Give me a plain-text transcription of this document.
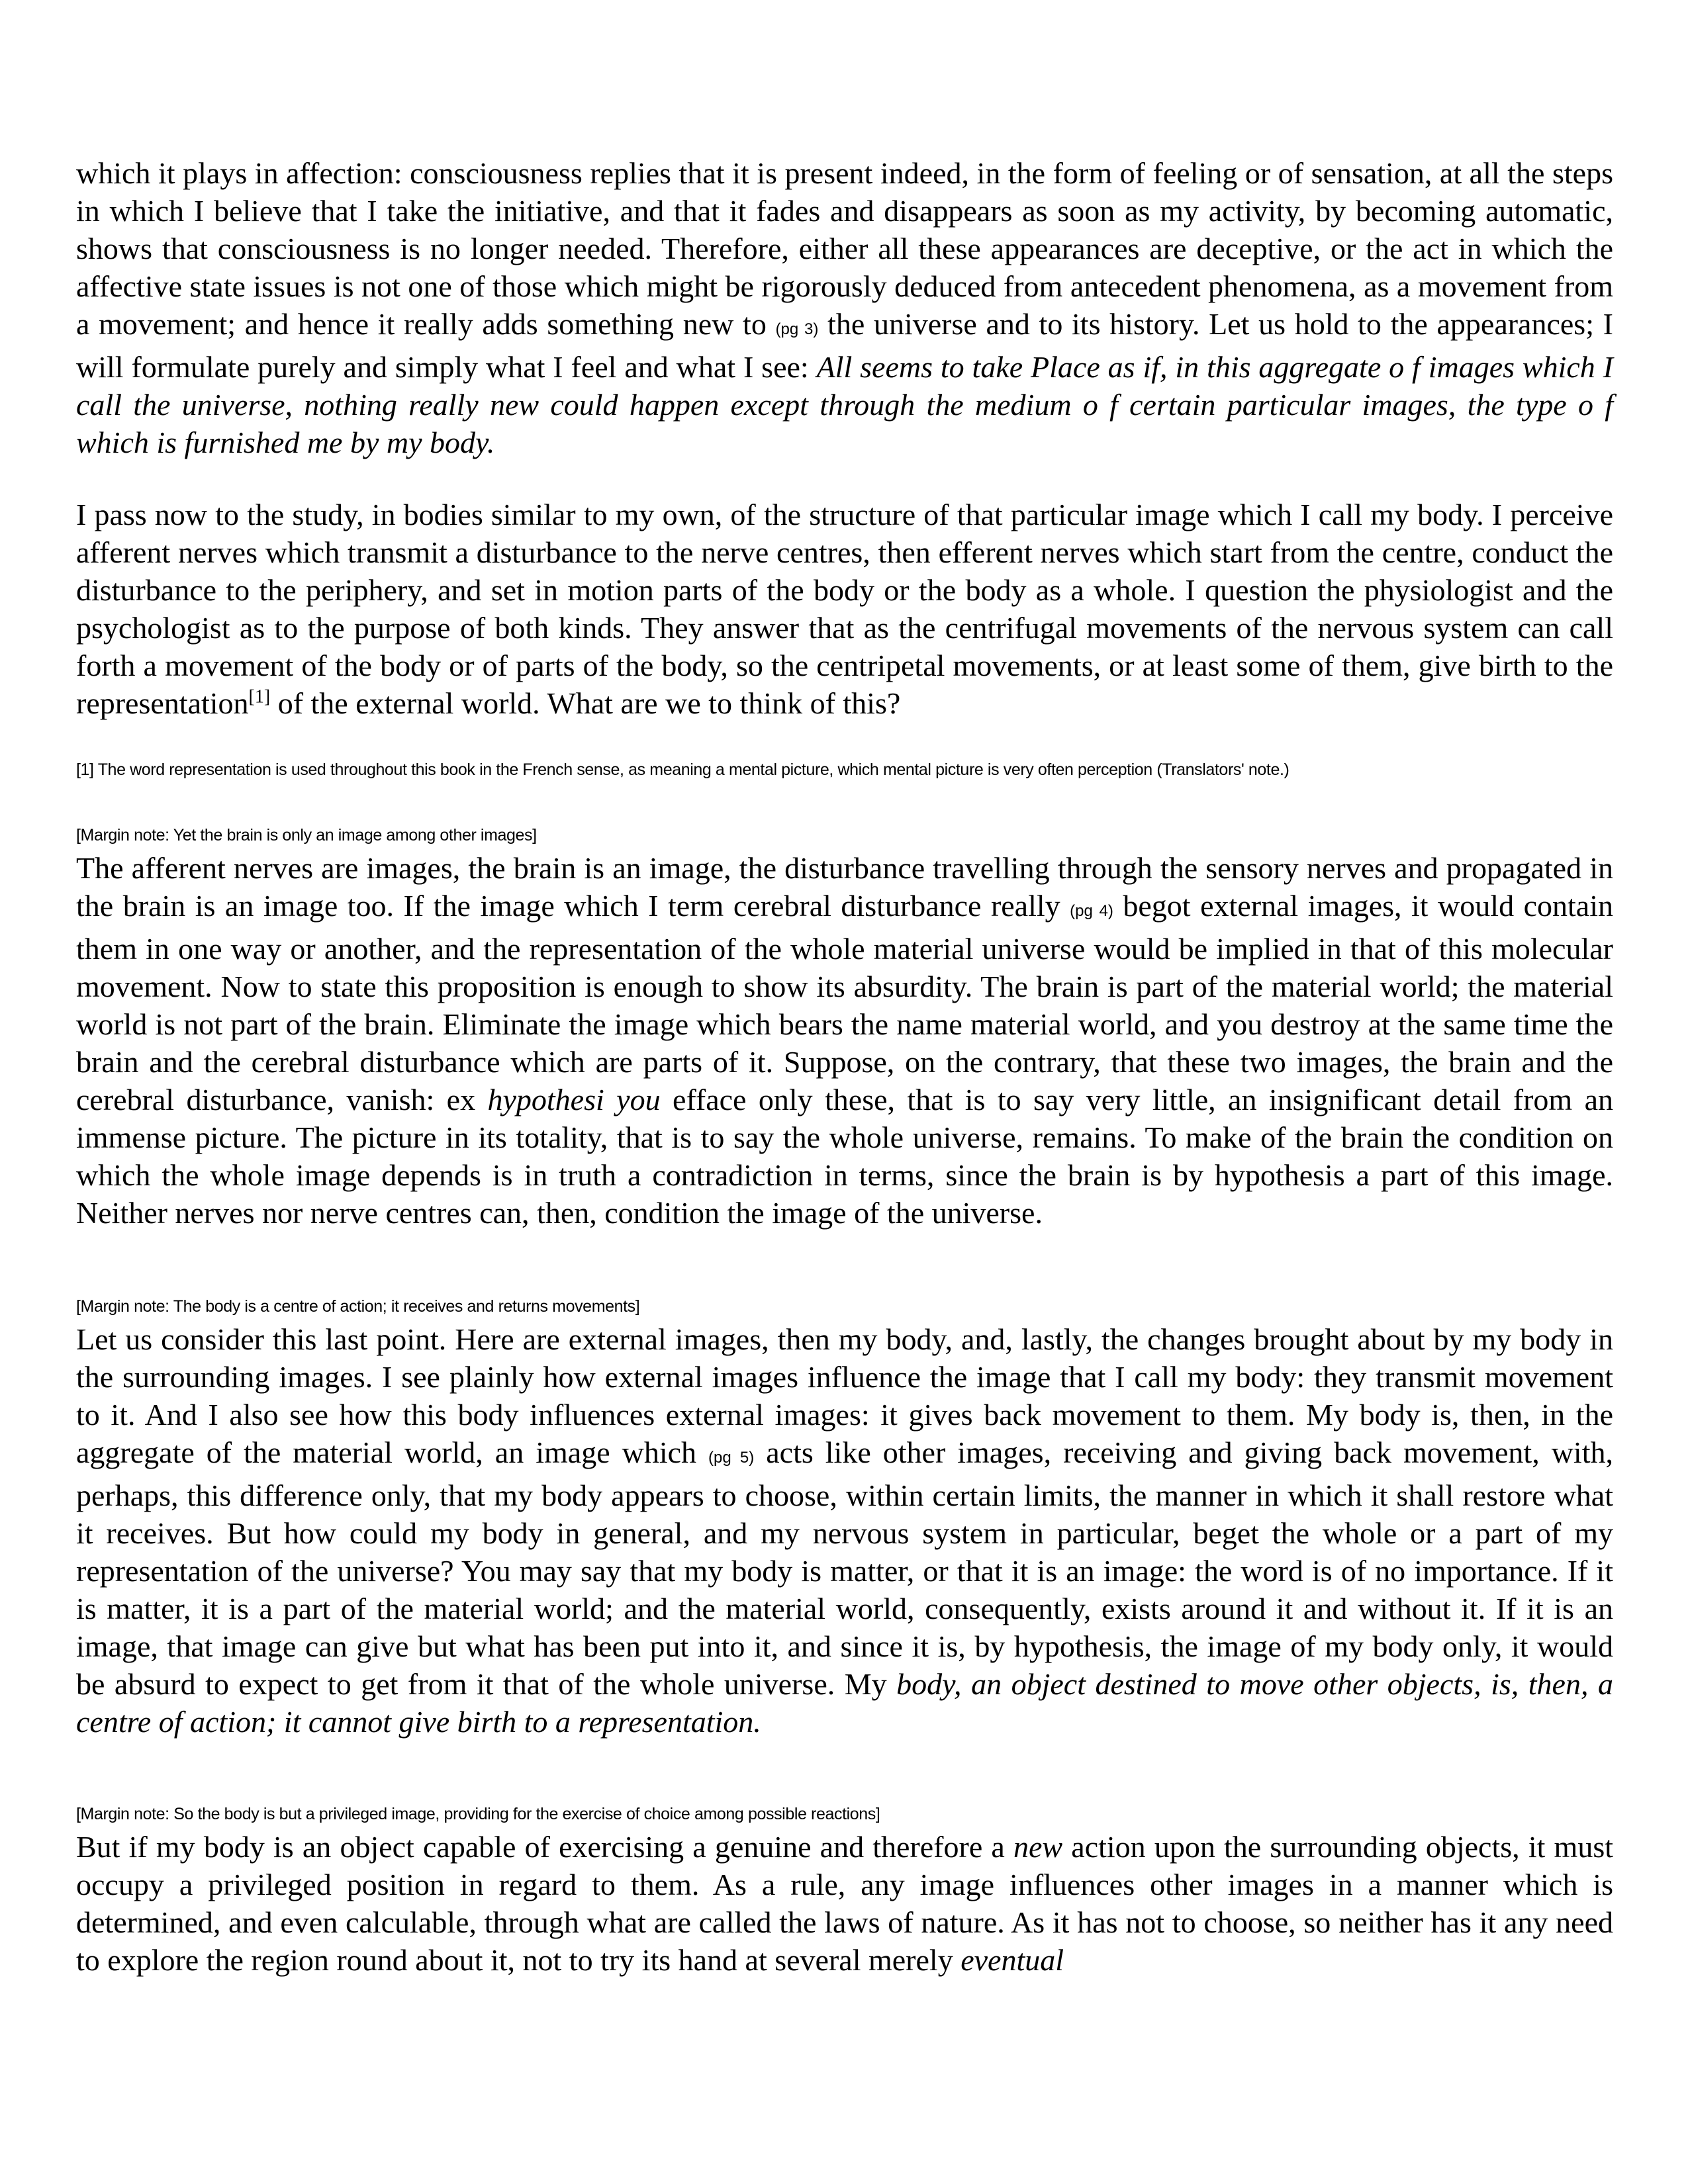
which it plays in affection: consciousness replies that it is present indeed, in the form of feeling or of sensation, at all the steps in which I believe that I take the initiative, and that it fades and disappears as soon as my activity, by becoming automatic, shows that consciousness is no longer needed. Therefore, either all these appearances are deceptive, or the act in which the affective state issues is not one of those which might be rigorously deduced from antecedent phenomena, as a movement from a movement; and hence it really adds something new to (pg 3) the universe and to its history. Let us hold to the appearances; I will formulate purely and simply what I feel and what I see: All seems to take Place as if, in this aggregate o f images which I call the universe, nothing really new could happen except through the medium o f certain particular images, the type o f which is furnished me by my body.

I pass now to the study, in bodies similar to my own, of the structure of that particular image which I call my body. I perceive afferent nerves which transmit a disturbance to the nerve centres, then efferent nerves which start from the centre, conduct the disturbance to the periphery, and set in motion parts of the body or the body as a whole. I question the physiologist and the psychologist as to the purpose of both kinds. They answer that as the centrifugal movements of the nervous system can call forth a movement of the body or of parts of the body, so the centripetal movements, or at least some of them, give birth to the representation[1] of the external world. What are we to think of this?

[1] The word representation is used throughout this book in the French sense, as meaning a mental picture, which mental picture is very often perception (Translators' note.)

[Margin note: Yet the brain is only an image among other images]

The afferent nerves are images, the brain is an image, the disturbance travelling through the sensory nerves and propagated in the brain is an image too. If the image which I term cerebral disturbance really (pg 4) begot external images, it would contain them in one way or another, and the representation of the whole material universe would be implied in that of this molecular movement. Now to state this proposition is enough to show its absurdity. The brain is part of the material world; the material world is not part of the brain. Eliminate the image which bears the name material world, and you destroy at the same time the brain and the cerebral disturbance which are parts of it. Suppose, on the contrary, that these two images, the brain and the cerebral disturbance, vanish: ex hypothesi you efface only these, that is to say very little, an insignificant detail from an immense picture. The picture in its totality, that is to say the whole universe, remains. To make of the brain the condition on which the whole image depends is in truth a contradiction in terms, since the brain is by hypothesis a part of this image. Neither nerves nor nerve centres can, then, condition the image of the universe.

[Margin note: The body is a centre of action; it receives and returns movements]

Let us consider this last point. Here are external images, then my body, and, lastly, the changes brought about by my body in the surrounding images. I see plainly how external images influence the image that I call my body: they transmit movement to it. And I also see how this body influences external images: it gives back movement to them. My body is, then, in the aggregate of the material world, an image which (pg 5) acts like other images, receiving and giving back movement, with, perhaps, this difference only, that my body appears to choose, within certain limits, the manner in which it shall restore what it receives. But how could my body in general, and my nervous system in particular, beget the whole or a part of my representation of the universe? You may say that my body is matter, or that it is an image: the word is of no importance. If it is matter, it is a part of the material world; and the material world, consequently, exists around it and without it. If it is an image, that image can give but what has been put into it, and since it is, by hypothesis, the image of my body only, it would be absurd to expect to get from it that of the whole universe. My body, an object destined to move other objects, is, then, a centre of action; it cannot give birth to a representation.

[Margin note: So the body is but a privileged image, providing for the exercise of choice among possible reactions]

But if my body is an object capable of exercising a genuine and therefore a new action upon the surrounding objects, it must occupy a privileged position in regard to them. As a rule, any image influences other images in a manner which is determined, and even calculable, through what are called the laws of nature. As it has not to choose, so neither has it any need to explore the region round about it, not to try its hand at several merely eventual
